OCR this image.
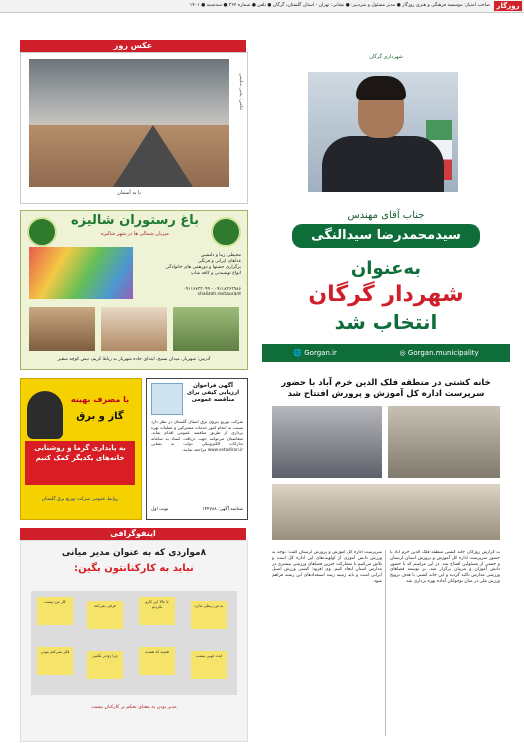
روزگار
صاحب امتیاز: موسسه فرهنگی و هنری روزگار ● مدیر مسئول و سردبیر: ● نشانی: تهران - استان گلستان، گرگان ● تلفن ● شماره ۳۶۴ ● سه‌شنبه ● ۱۴۰۱
عکس روز
عکس: یحیی سلیمی
با یه آسمان
باغ رستوران شالیزه
میزبان شمالی ها در شهر شالیزه
محیطی زیبا و دلنشین
غذاهای ایرانی و فرنگی
برگزاری جشنها و دورهمی های خانوادگی
انواع نوشیدنی و کافه شاپ
۰۹۱۱۸۳۶۳۹۸۶ - ۰۹۱۱۶۷۳۳۰۹۹
shalizeh.restaurant
آدرس: شهریار، میدان بسیج، ابتدای جاده شهریار به رباط کریم، نبش کوچه سقیز
با مصرف بهینه
گاز و برق
به پایداری گرما و روشنایی خانه‌های یکدیگر کمک کنیم
روابط عمومی شرکت توزیع برق گلستان
آگهی فراخوان ارزیابی کیفی برای مناقصه عمومی
شرکت توزیع نیروی برق استان گلستان در نظر دارد نسبت به انجام امور خدمات مشترکین و عملیات بهره برداری از طریق مناقصه عمومی اقدام نماید. متقاضیان می‌توانند جهت دریافت اسناد به سامانه تدارکات الکترونیکی دولت به نشانی www.setadiran.ir مراجعه نمایند.
شناسه آگهی: ۱۴۴۷۸۸
نوبت اول
اینفوگرافی
۸مواردی که به عنوان مدیر میانی
نباید به کارکنانتون بگین:
کار من نیست
فرقی نمی‌کنه
تا حالا این کارو نکردیم	به من ربطی نداره
فکر نمی‌کنم بتونی
چرا زودتر نگفتی
همینه که هست
ایده خوبی نیست
مدیر بودن به معنای تحکم بر کارکنان نیست
شهرداری گرگان
جناب آقای مهندس
سیدمحمدرضا سیدالنگی
به‌عنوان
شهردار گرگان
انتخاب شد
🌐 Gorgan.ir	◎ Gorgan.municipality
خانه کشتی در منطقه فلک الدین خرم آباد با حضور سرپرست اداره کل آموزش و پرورش افتتاح شد
به گزارش روزگار، خانه کشتی منطقه فلک الدین خرم آباد با حضور سرپرست اداره کل آموزش و پرورش استان لرستان و جمعی از مسئولین افتتاح شد. در این مراسم که با حضور دانش آموزان و مربیان برگزار شد، بر توسعه فضاهای ورزشی مدارس تاکید گردید و این خانه کشتی با هدف ترویج ورزش ملی در میان نوجوانان آماده بهره برداری شد.
سرپرست اداره کل آموزش و پرورش لرستان گفت: توجه به ورزش دانش آموزی از اولویت‌های این اداره کل است و تلاش می‌کنیم با مشارکت خیرین فضاهای ورزشی بیشتری در مدارس استان ایجاد کنیم. وی افزود: کشتی ورزش اصیل ایرانی است و باید زمینه رشد استعدادهای این رشته فراهم شود.
